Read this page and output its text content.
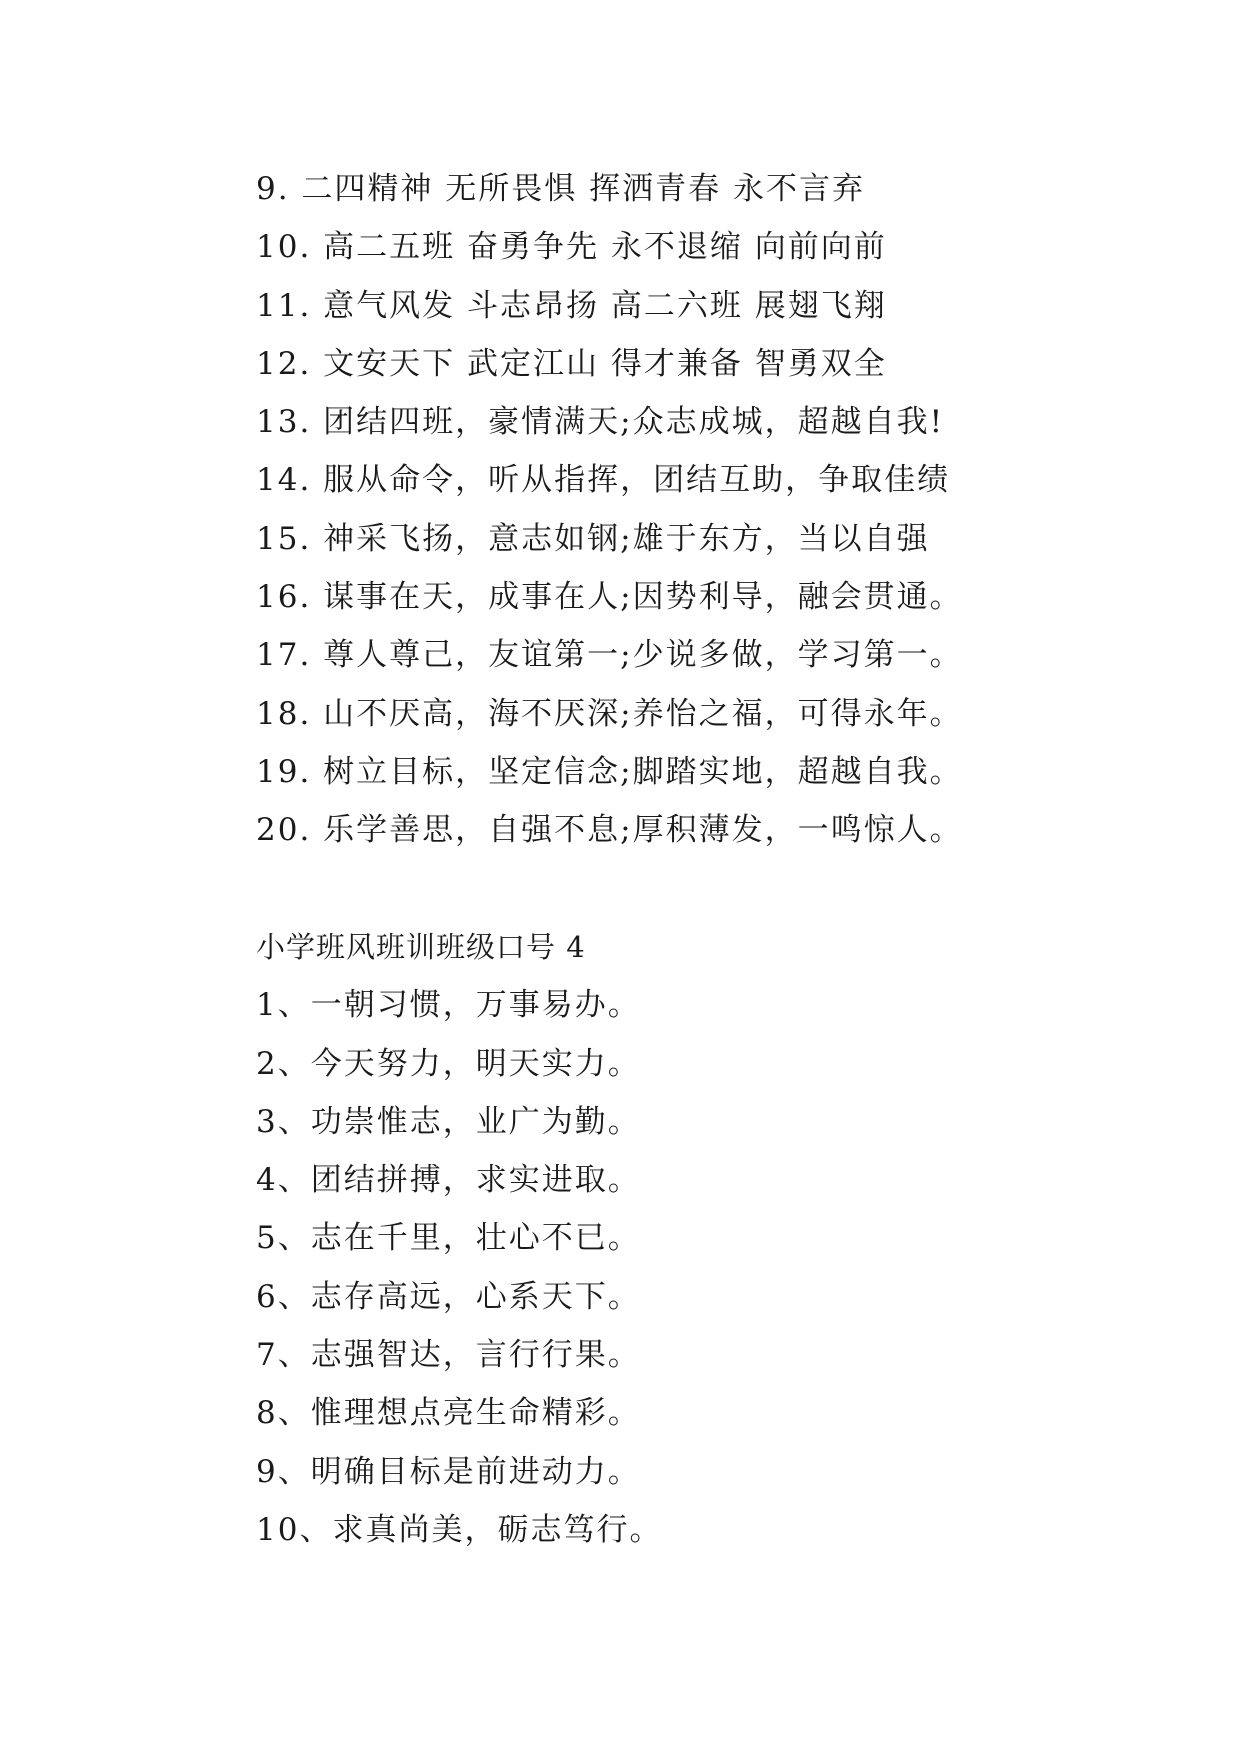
9. 二四精神 无所畏惧 挥洒青春 永不言弃
10. 高二五班 奋勇争先 永不退缩 向前向前
11. 意气风发 斗志昂扬 高二六班 展翅飞翔
12. 文安天下 武定江山 得才兼备 智勇双全
13. 团结四班，豪情满天;众志成城，超越自我!
14. 服从命令，听从指挥，团结互助，争取佳绩
15. 神采飞扬，意志如钢;雄于东方，当以自强
16. 谋事在天，成事在人;因势利导，融会贯通。
17. 尊人尊己，友谊第一;少说多做，学习第一。
18. 山不厌高，海不厌深;养怡之福，可得永年。
19. 树立目标，坚定信念;脚踏实地，超越自我。
20. 乐学善思，自强不息;厚积薄发，一鸣惊人。
小学班风班训班级口号 4
1、一朝习惯，万事易办。
2、今天努力，明天实力。
3、功崇惟志，业广为勤。
4、团结拼搏，求实进取。
5、志在千里，壮心不已。
6、志存高远，心系天下。
7、志强智达，言行行果。
8、惟理想点亮生命精彩。
9、明确目标是前进动力。
10、求真尚美，砺志笃行。
